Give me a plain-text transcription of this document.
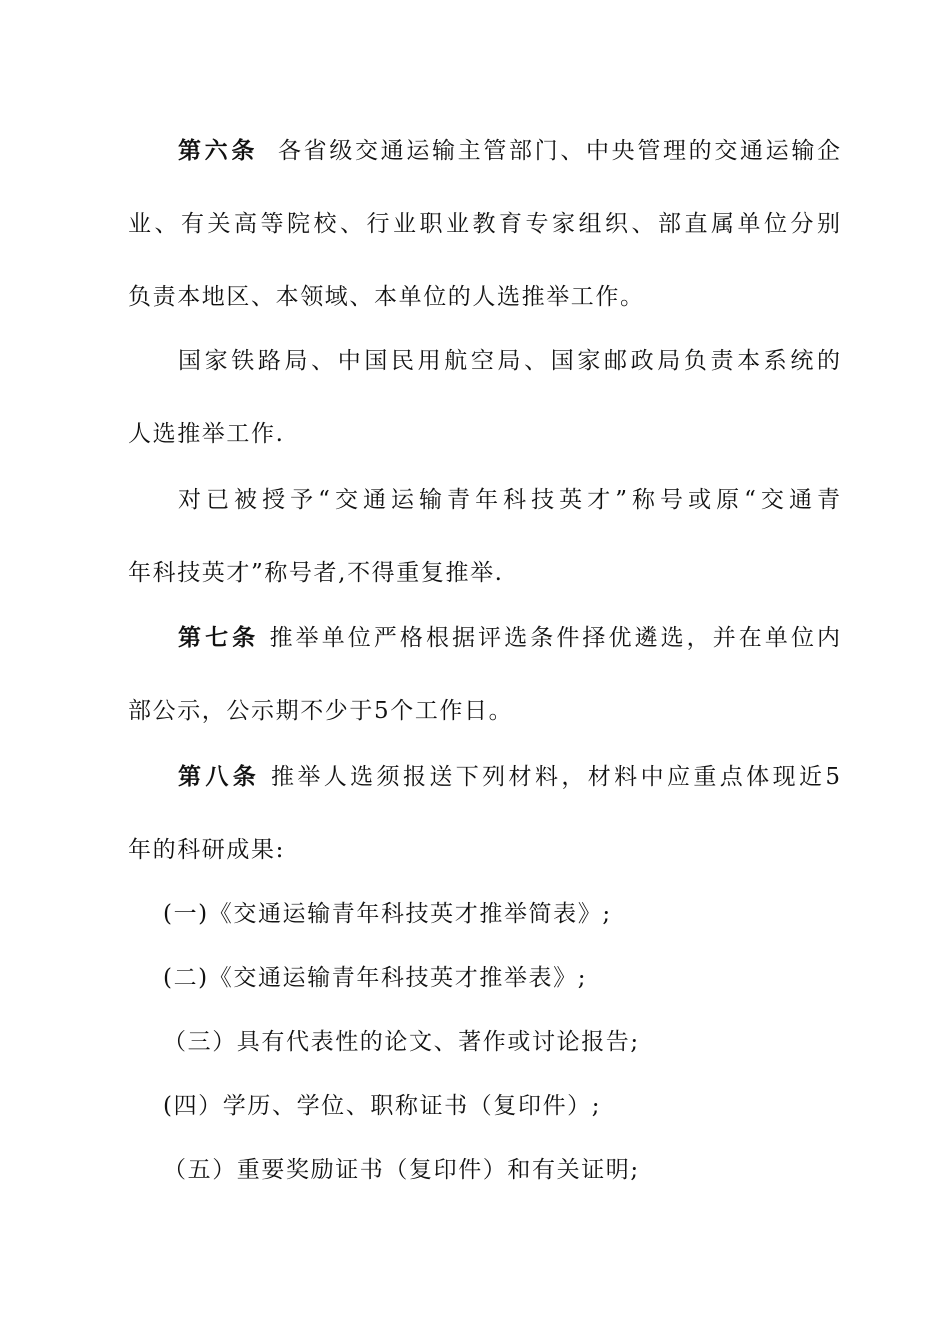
第六条 各省级交通运输主管部门、中央管理的交通运输企
业、有关高等院校、行业职业教育专家组织、部直属单位分别
负责本地区、本领域、本单位的人选推举工作。
国家铁路局、中国民用航空局、国家邮政局负责本系统的
人选推举工作.
对已被授予“交通运输青年科技英才”称号或原“交通青
年科技英才”称号者,不得重复推举.
第七条 推举单位严格根据评选条件择优遴选，并在单位内
部公示，公示期不少于5个工作日。
第八条 推举人选须报送下列材料，材料中应重点体现近5
年的科研成果:
(一)《交通运输青年科技英才推举简表》;
(二)《交通运输青年科技英才推举表》;
（三）具有代表性的论文、著作或讨论报告;
(四）学历、学位、职称证书（复印件）;
（五）重要奖励证书（复印件）和有关证明;
